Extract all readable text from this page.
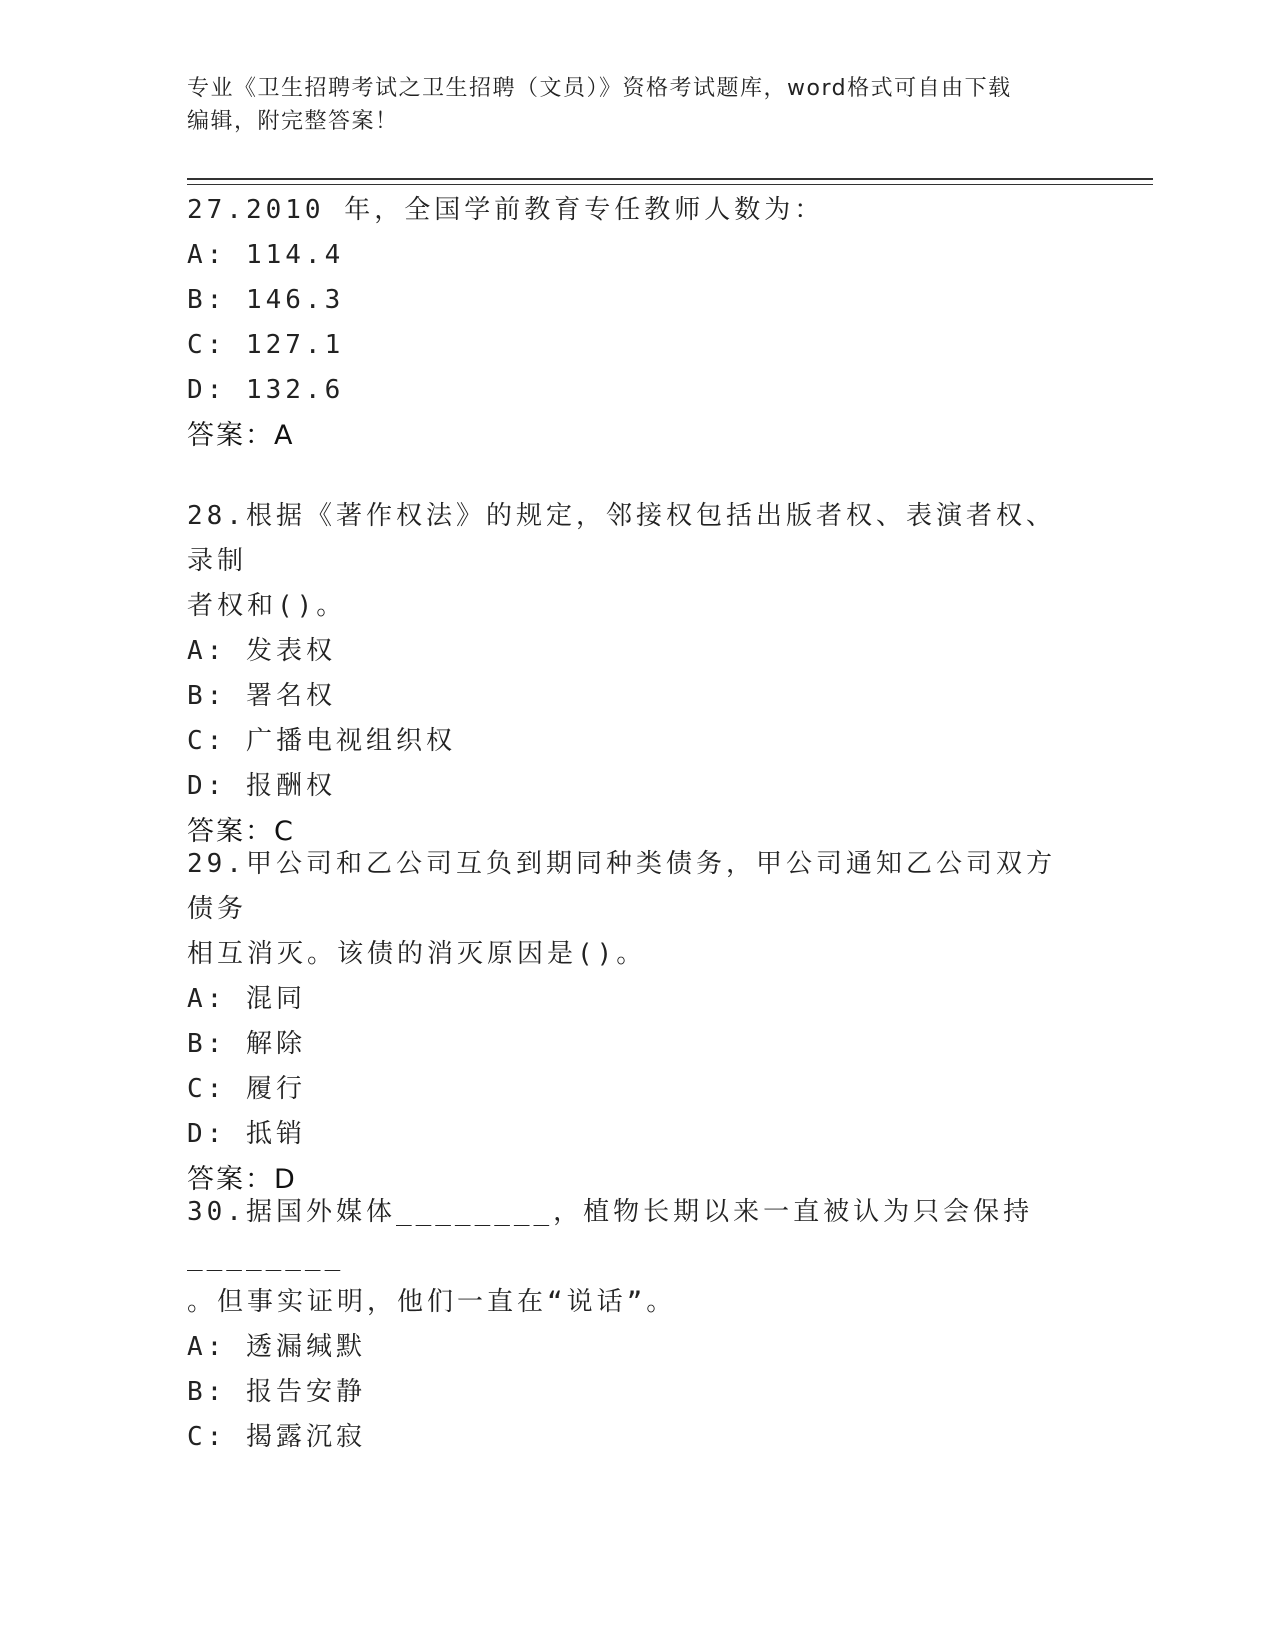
专业《卫生招聘考试之卫生招聘（文员）》资格考试题库，word格式可自由下载
编辑，附完整答案！

27.2010 年，全国学前教育专任教师人数为：

A: 114.4

B: 146.3

C: 127.1

D: 132.6

答案：A

28.根据《著作权法》的规定，邻接权包括出版者权、表演者权、录制

者权和()。

A: 发表权

B: 署名权

C: 广播电视组织权

D: 报酬权

答案：C

29.甲公司和乙公司互负到期同种类债务，甲公司通知乙公司双方债务

相互消灭。该债的消灭原因是()。

A: 混同

B: 解除

C: 履行

D: 抵销

答案：D

30.据国外媒体________，植物长期以来一直被认为只会保持________

。但事实证明，他们一直在“说话”。

A: 透漏缄默

B: 报告安静

C: 揭露沉寂
